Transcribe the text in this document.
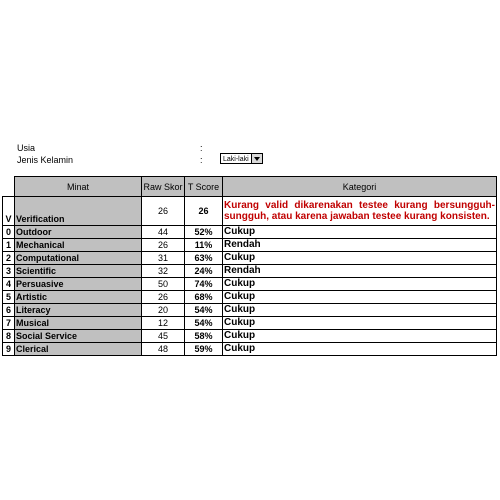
Usia	:
Jenis Kelamin	:	Laki-laki
	Minat	Raw Skor	T Score	Kategori
V	Verification	26	26	Kurang valid dikarenakan testee kurang bersungguh-sungguh, atau karena jawaban testee kurang konsisten.
0	Outdoor	44	52%	Cukup
1	Mechanical	26	11%	Rendah
2	Computational	31	63%	Cukup
3	Scientific	32	24%	Rendah
4	Persuasive	50	74%	Cukup
5	Artistic	26	68%	Cukup
6	Literacy	20	54%	Cukup
7	Musical	12	54%	Cukup
8	Social Service	45	58%	Cukup
9	Clerical	48	59%	Cukup
